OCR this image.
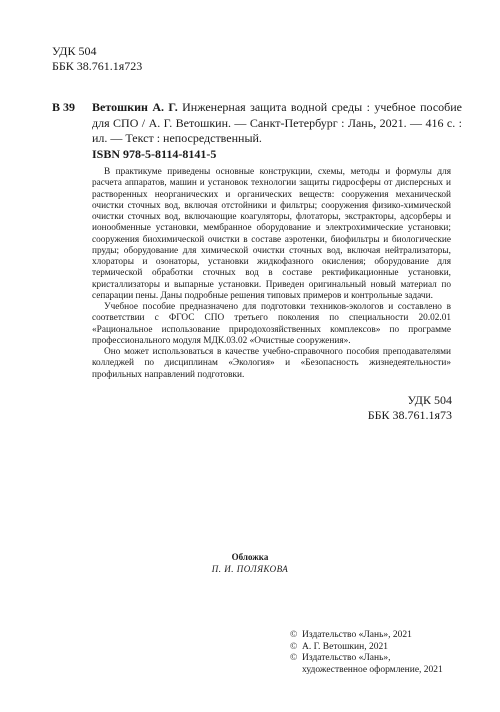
УДК 504
ББК 38.761.1я723
В 39 Ветошкин А. Г. Инженерная защита водной среды : учебное пособие для СПО / А. Г. Ветошкин. — Санкт-Петербург : Лань, 2021. — 416 с. : ил. — Текст : непосредственный.
ISBN 978-5-8114-8141-5

В практикуме приведены основные конструкции, схемы, методы и формулы для расчета аппаратов, машин и установок технологии защиты гидросферы от дисперсных и растворенных неорганических и органических веществ: сооружения механической очистки сточных вод, включая отстойники и фильтры; сооружения физико-химической очистки сточных вод, включающие коагуляторы, флотаторы, экстракторы, адсорберы и ионообменные установки, мембранное оборудование и электрохимические установки; сооружения биохимической очистки в составе аэротенки, биофильтры и биологические пруды; оборудование для химической очистки сточных вод, включая нейтрализаторы, хлораторы и озонаторы, установки жидкофазного окисления; оборудование для термической обработки сточных вод в составе ректификационные установки, кристаллизаторы и выпарные установки. Приведен оригинальный новый материал по сепарации пены. Даны подробные решения типовых примеров и контрольные задачи.

Учебное пособие предназначено для подготовки техников-экологов и составлено в соответствии с ФГОС СПО третьего поколения по специальности 20.02.01 «Рациональное использование природохозяйственных комплексов» по программе профессионального модуля МДК.03.02 «Очистные сооружения».

Оно может использоваться в качестве учебно-справочного пособия преподавателями колледжей по дисциплинам «Экология» и «Безопасность жизнедеятельности» профильных направлений подготовки.

УДК 504
ББК 38.761.1я73
Обложка
П. И. ПОЛЯКОВА
© Издательство «Лань», 2021
© А. Г. Ветошкин, 2021
© Издательство «Лань»,
художественное оформление, 2021
